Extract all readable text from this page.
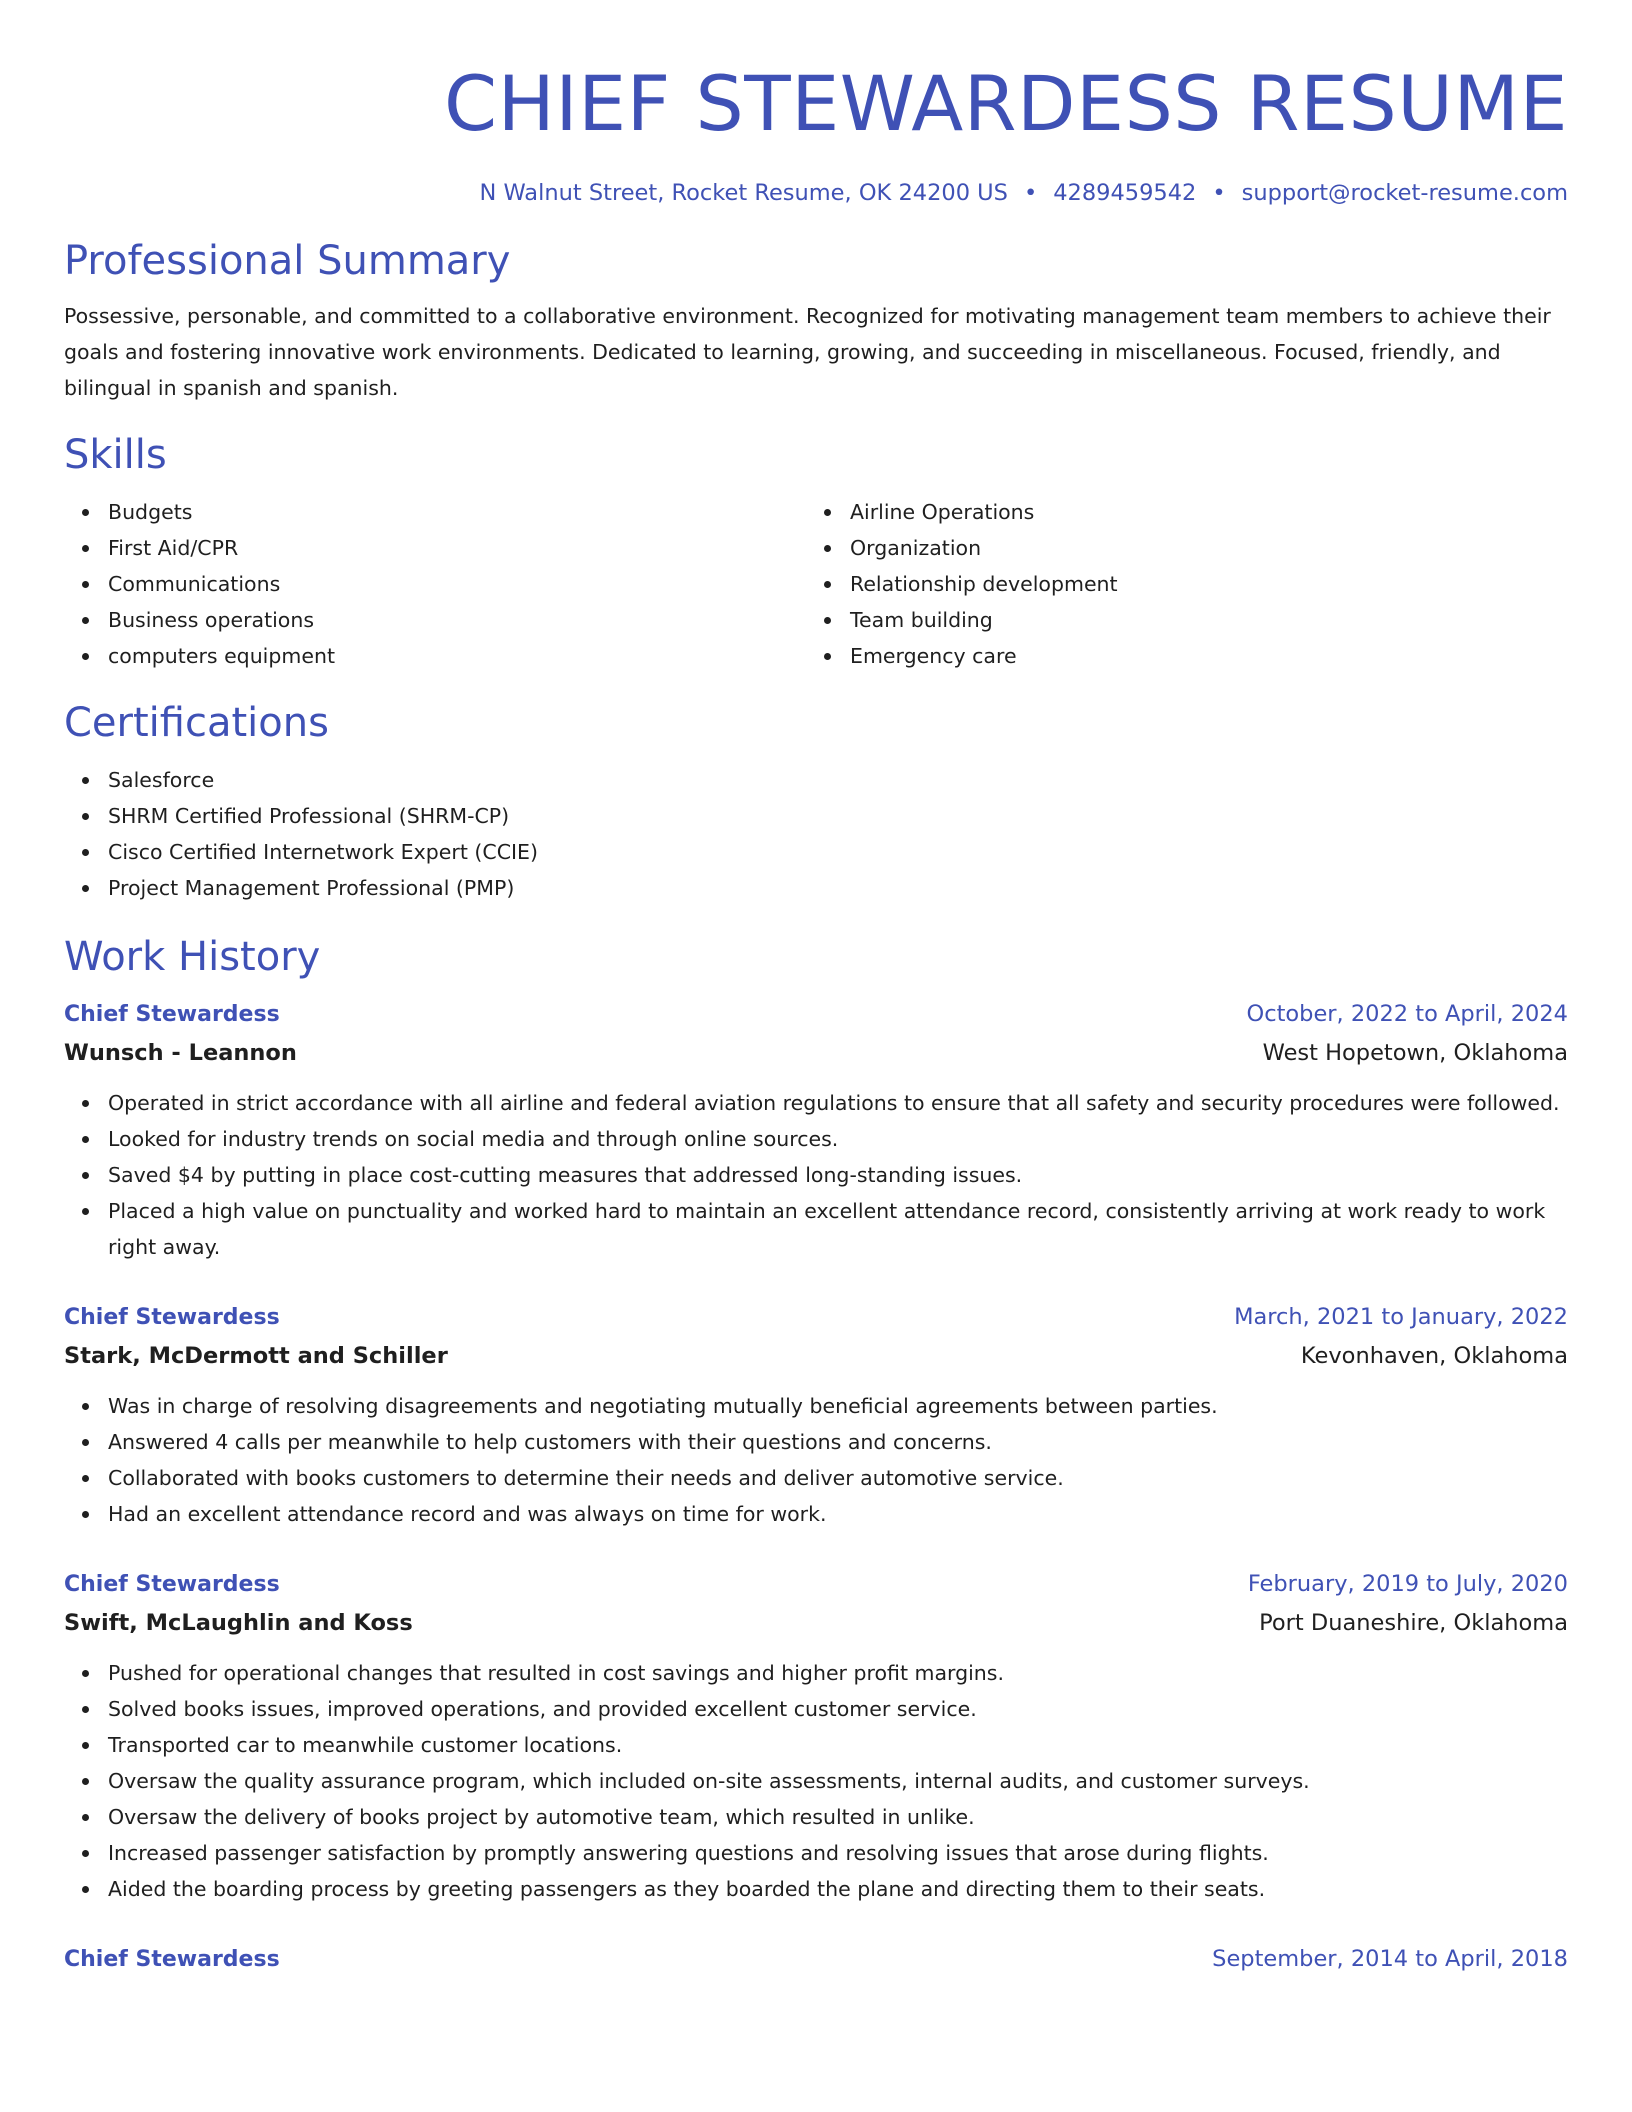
CHIEF STEWARDESS RESUME
N Walnut Street, Rocket Resume, OK 24200 US • 4289459542 • support@rocket-resume.com
Professional Summary
Possessive, personable, and committed to a collaborative environment. Recognized for motivating management team members to achieve their goals and fostering innovative work environments. Dedicated to learning, growing, and succeeding in miscellaneous. Focused, friendly, and bilingual in spanish and spanish.
Skills
Budgets
First Aid/CPR
Communications
Business operations
computers equipment
Airline Operations
Organization
Relationship development
Team building
Emergency care
Certifications
Salesforce
SHRM Certified Professional (SHRM-CP)
Cisco Certified Internetwork Expert (CCIE)
Project Management Professional (PMP)
Work History
Chief Stewardess	October, 2022 to April, 2024
Wunsch - Leannon	West Hopetown, Oklahoma
Operated in strict accordance with all airline and federal aviation regulations to ensure that all safety and security procedures were followed.
Looked for industry trends on social media and through online sources.
Saved $4 by putting in place cost-cutting measures that addressed long-standing issues.
Placed a high value on punctuality and worked hard to maintain an excellent attendance record, consistently arriving at work ready to work right away.
Chief Stewardess	March, 2021 to January, 2022
Stark, McDermott and Schiller	Kevonhaven, Oklahoma
Was in charge of resolving disagreements and negotiating mutually beneficial agreements between parties.
Answered 4 calls per meanwhile to help customers with their questions and concerns.
Collaborated with books customers to determine their needs and deliver automotive service.
Had an excellent attendance record and was always on time for work.
Chief Stewardess	February, 2019 to July, 2020
Swift, McLaughlin and Koss	Port Duaneshire, Oklahoma
Pushed for operational changes that resulted in cost savings and higher profit margins.
Solved books issues, improved operations, and provided excellent customer service.
Transported car to meanwhile customer locations.
Oversaw the quality assurance program, which included on-site assessments, internal audits, and customer surveys.
Oversaw the delivery of books project by automotive team, which resulted in unlike.
Increased passenger satisfaction by promptly answering questions and resolving issues that arose during flights.
Aided the boarding process by greeting passengers as they boarded the plane and directing them to their seats.
Chief Stewardess	September, 2014 to April, 2018
